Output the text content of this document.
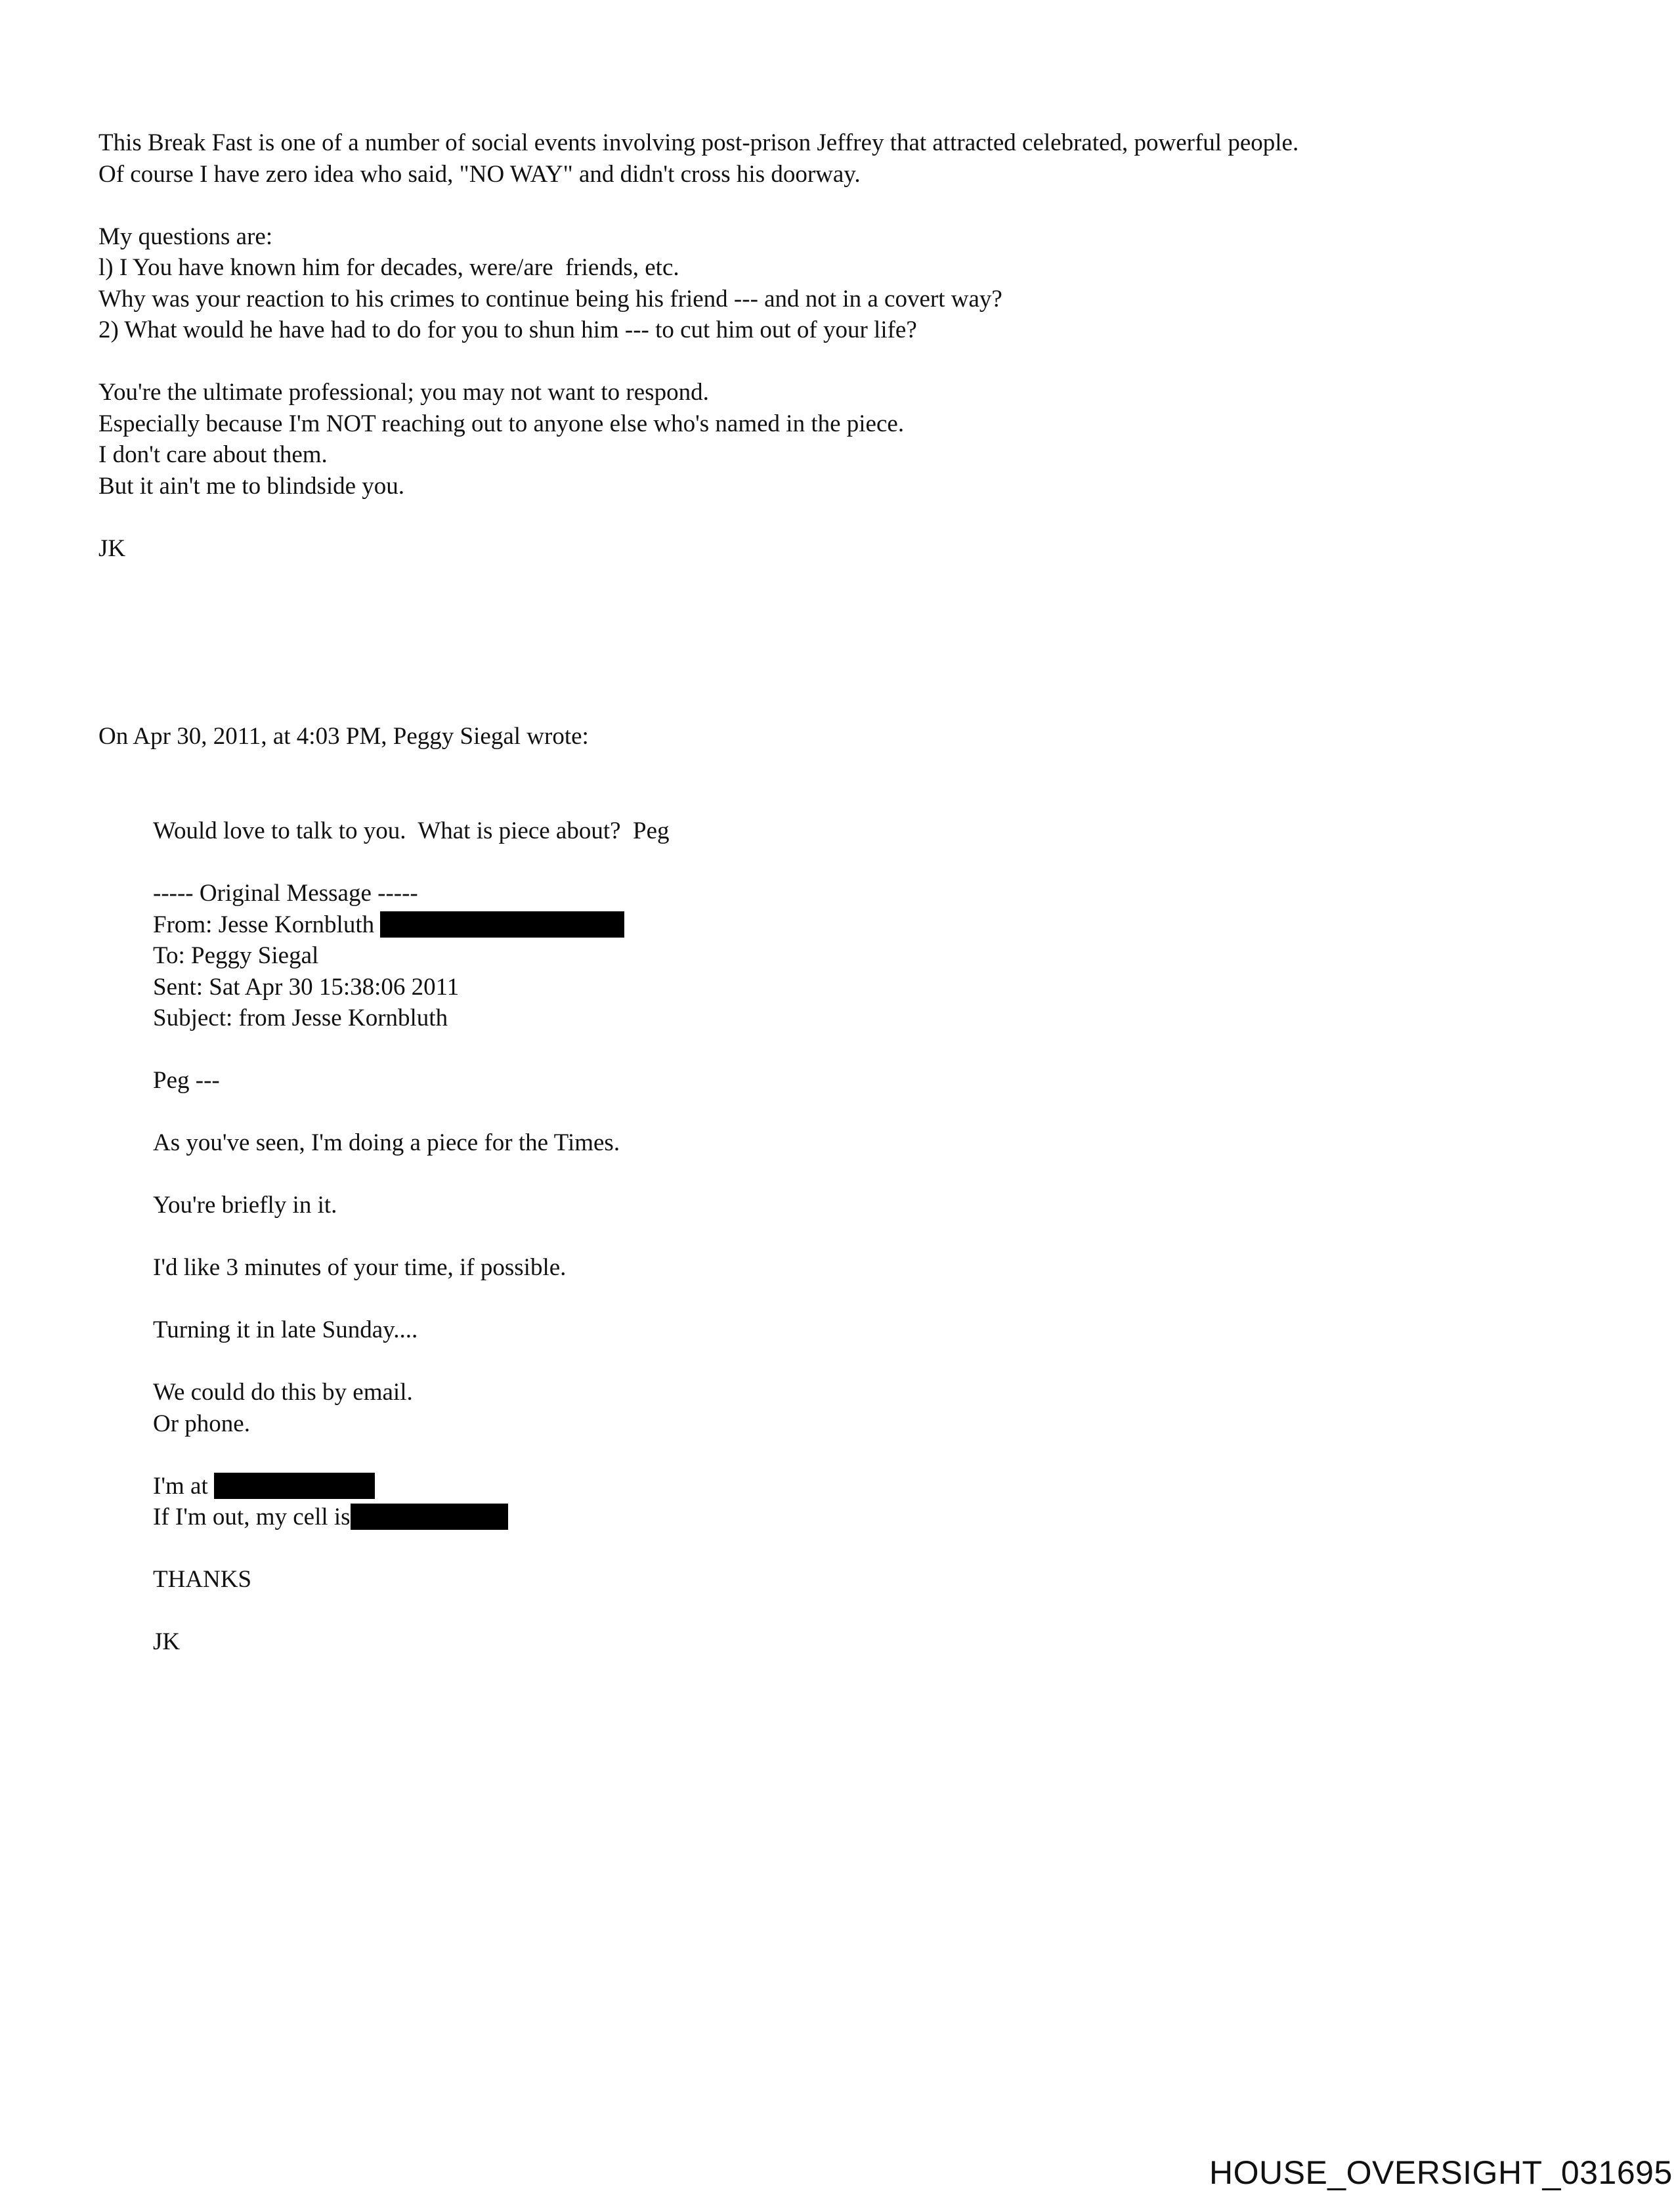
This Break Fast is one of a number of social events involving post-prison Jeffrey that attracted celebrated, powerful people.

Of course I have zero idea who said, "NO WAY" and didn't cross his doorway.

My questions are:

l) I You have known him for decades, were/are  friends, etc.

Why was your reaction to his crimes to continue being his friend --- and not in a covert way?

2) What would he have had to do for you to shun him --- to cut him out of your life?

You're the ultimate professional; you may not want to respond.

Especially because I'm NOT reaching out to anyone else who's named in the piece.

I don't care about them.

But it ain't me to blindside you.

JK

On Apr 30, 2011, at 4:03 PM, Peggy Siegal wrote:

Would love to talk to you.  What is piece about?  Peg

----- Original Message -----

From: Jesse Kornbluth

To: Peggy Siegal

Sent: Sat Apr 30 15:38:06 2011

Subject: from Jesse Kornbluth

Peg ---

As you've seen, I'm doing a piece for the Times.

You're briefly in it.

I'd like 3 minutes of your time, if possible.

Turning it in late Sunday....

We could do this by email.

Or phone.

I'm at

If I'm out, my cell is

THANKS

JK

HOUSE_OVERSIGHT_031695
